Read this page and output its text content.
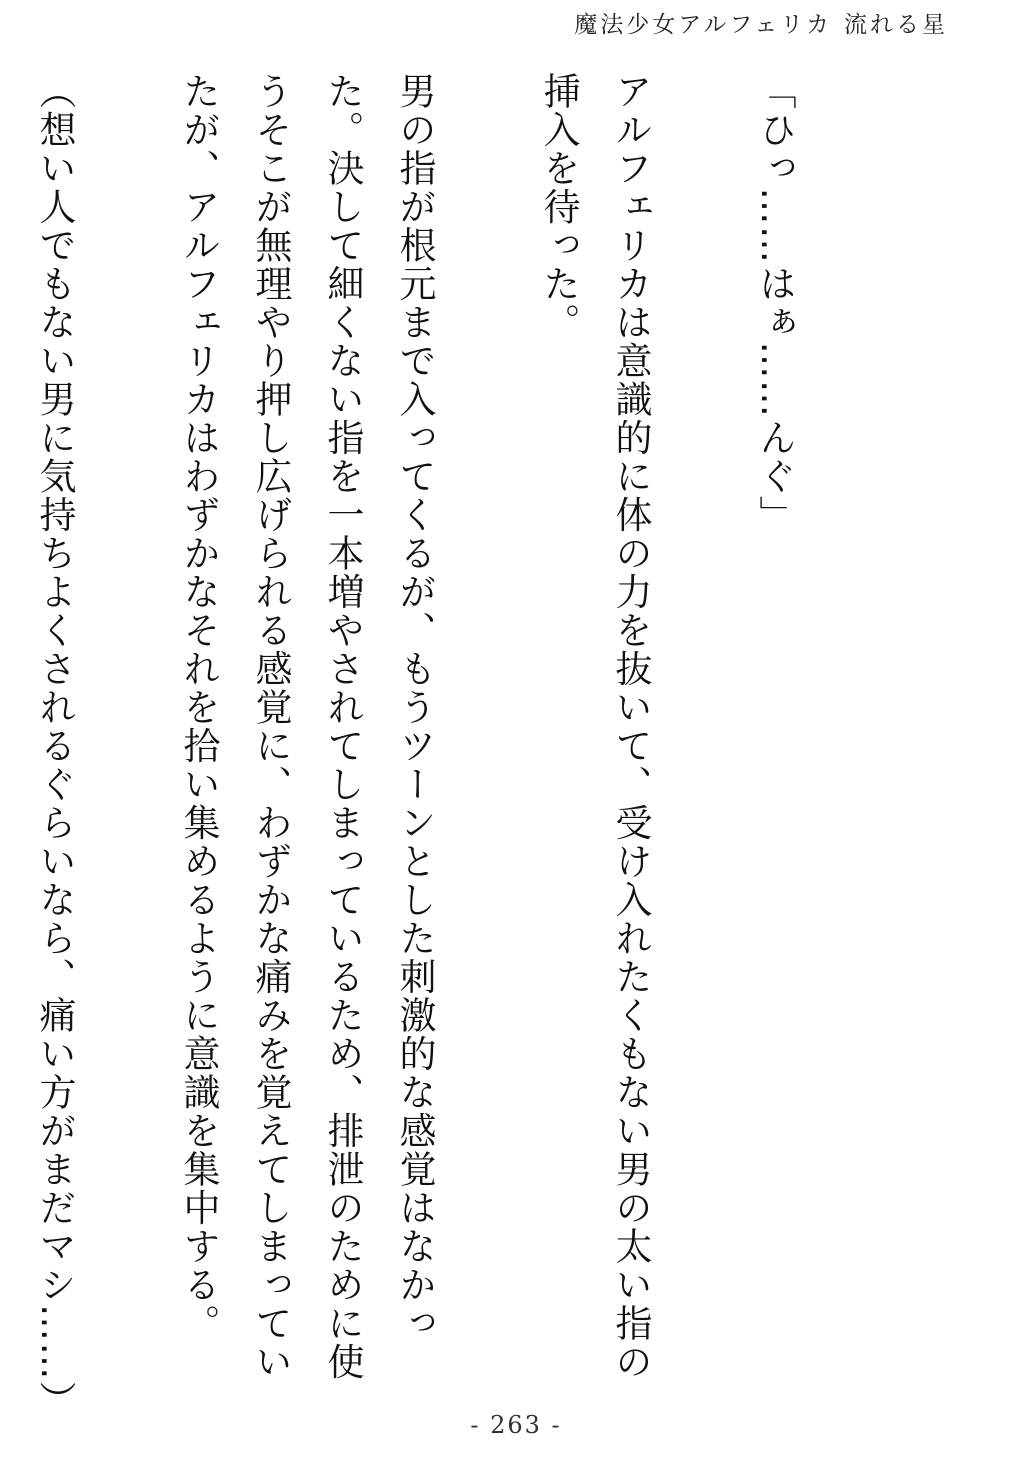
魔法少女アルフェリカ 流れる星

「ひっ……はぁ……んぐ」

アルフェリカは意識的に体の力を抜いて、受け入れたくもない男の太い指の挿入を待った。

男の指が根元まで入ってくるが、もうツーンとした刺激的な感覚はなかった。決して細くない指を一本増やされてしまっているため、排泄のために使うそこが無理やり押し広げられる感覚に、わずかな痛みを覚えてしまっていたが、アルフェリカはわずかなそれを拾い集めるように意識を集中する。

（想い人でもない男に気持ちよくされるぐらいなら、痛い方がまだマシ……）

- 263 -
